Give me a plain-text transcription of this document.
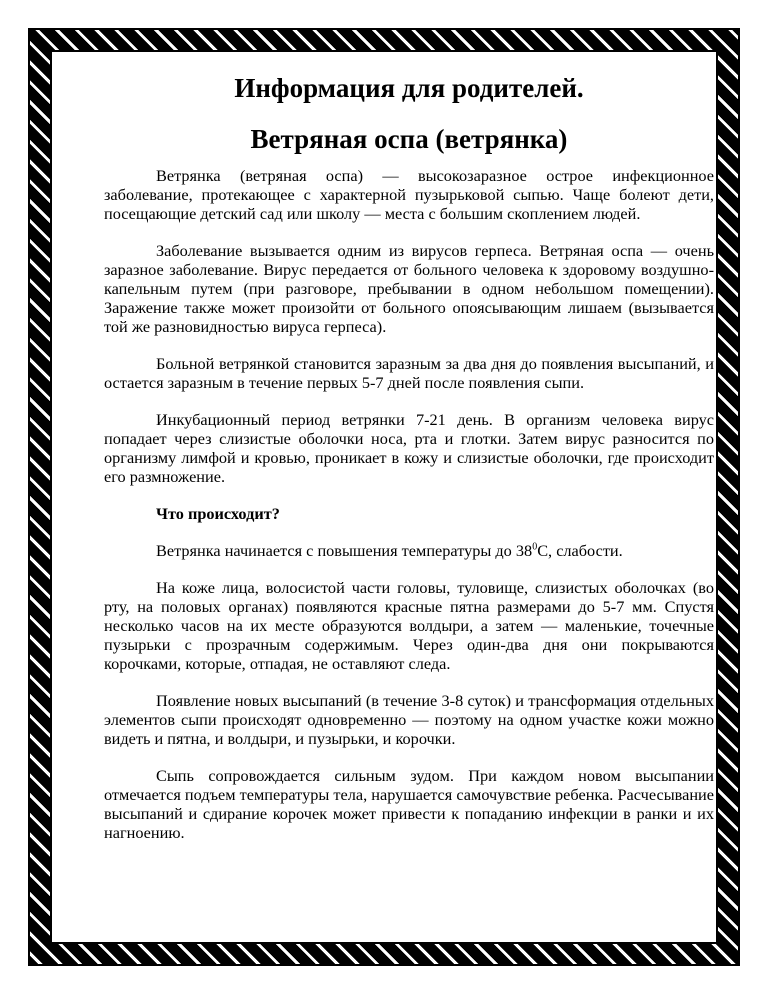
Информация для родителей.
Ветряная оспа (ветрянка)

Ветрянка (ветряная оспа) — высокозаразное острое инфекционное заболевание, протекающее с характерной пузырьковой сыпью. Чаще болеют дети, посещающие детский сад или школу — места с большим скоплением людей.

Заболевание вызывается одним из вирусов герпеса. Ветряная оспа — очень заразное заболевание. Вирус передается от больного человека к здоровому воздушно-капельным путем (при разговоре, пребывании в одном небольшом помещении). Заражение также может произойти от больного опоясывающим лишаем (вызывается той же разновидностью вируса герпеса).

Больной ветрянкой становится заразным за два дня до появления высыпаний, и остается заразным в течение первых 5-7 дней после появления сыпи.

Инкубационный период ветрянки 7-21 день. В организм человека вирус попадает через слизистые оболочки носа, рта и глотки. Затем вирус разносится по организму лимфой и кровью, проникает в кожу и слизистые оболочки, где происходит его размножение.

Что происходит?

Ветрянка начинается с повышения температуры до $38^0С$, слабости.

На коже лица, волосистой части головы, туловище, слизистых оболочках (во рту, на половых органах) появляются красные пятна размерами до 5-7 мм. Спустя несколько часов на их месте образуются волдыри, а затем — маленькие, точечные пузырьки с прозрачным содержимым. Через один-два дня они покрываются корочками, которые, отпадая, не оставляют следа.

Появление новых высыпаний (в течение 3-8 суток) и трансформация отдельных элементов сыпи происходят одновременно — поэтому на одном участке кожи можно видеть и пятна, и волдыри, и пузырьки, и корочки.

Сыпь сопровождается сильным зудом. При каждом новом высыпании отмечается подъем температуры тела, нарушается самочувствие ребенка. Расчесывание высыпаний и сдирание корочек может привести к попаданию инфекции в ранки и их нагноению.
